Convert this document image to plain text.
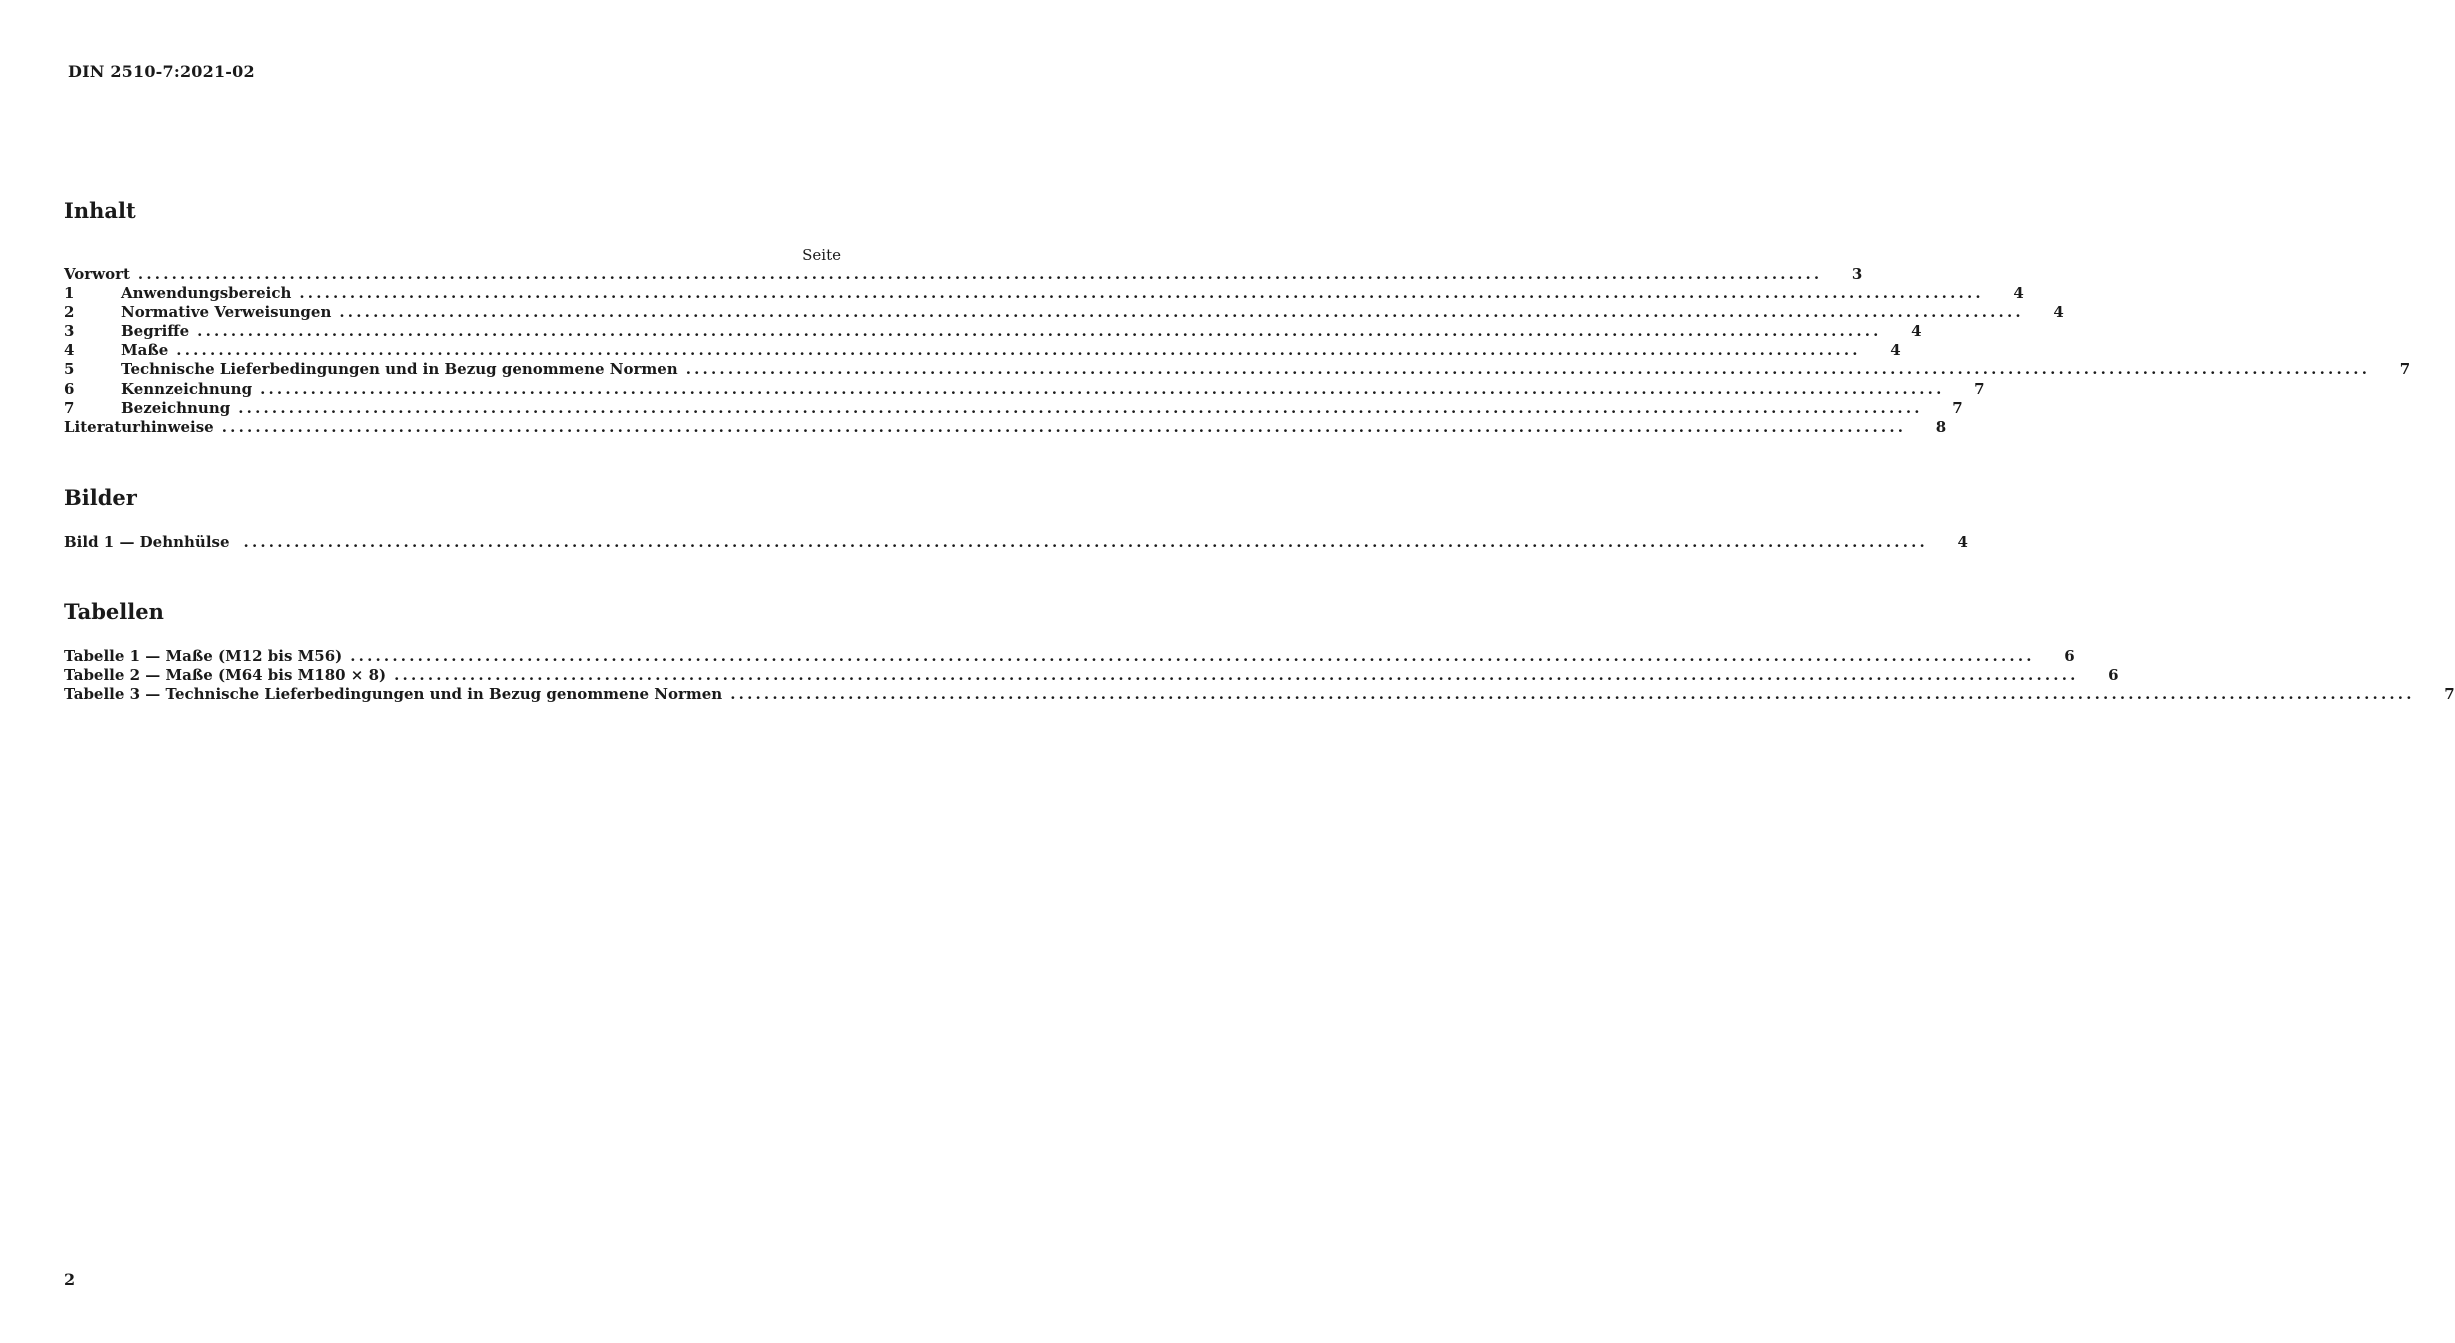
DIN 2510-7:2021-02
Inhalt
Seite
Vorwort ........................................................................................................................................................................................................ 3
1	Anwendungsbereich ........................................................................................................................................................................................................ 4
2	Normative Verweisungen ........................................................................................................................................................................................................ 4
3	Begriffe ........................................................................................................................................................................................................ 4
4	Maße ........................................................................................................................................................................................................ 4
5	Technische Lieferbedingungen und in Bezug genommene Normen ........................................................................................................................................................................................................ 7
6	Kennzeichnung ........................................................................................................................................................................................................ 7
7	Bezeichnung ........................................................................................................................................................................................................ 7
Literaturhinweise ........................................................................................................................................................................................................ 8
Bilder
Bild 1 — Dehnhülse ........................................................................................................................................................................................................ 4
Tabellen
Tabelle 1 — Maße (M12 bis M56) ........................................................................................................................................................................................................ 6
Tabelle 2 — Maße (M64 bis M180 × 8) ........................................................................................................................................................................................................ 6
Tabelle 3 — Technische Lieferbedingungen und in Bezug genommene Normen ........................................................................................................................................................................................................ 7
2
